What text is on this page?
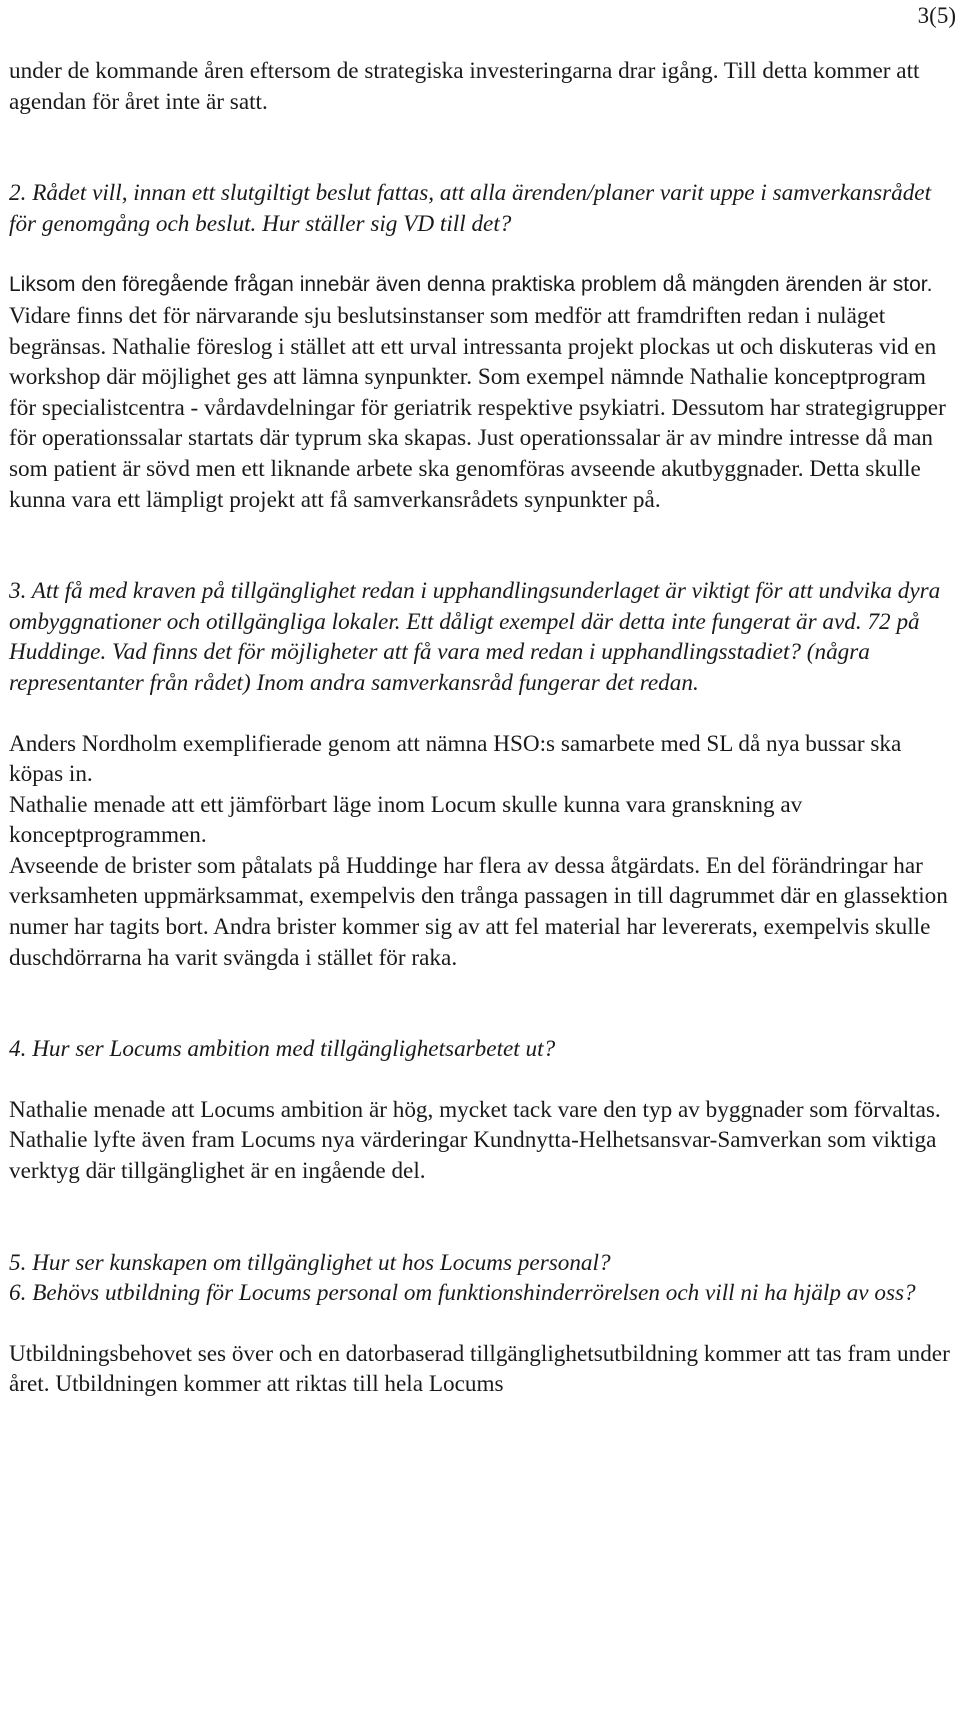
3(5)

under de kommande åren eftersom de strategiska investeringarna drar igång. Till detta kommer att agendan för året inte är satt.

2. Rådet vill, innan ett slutgiltigt beslut fattas, att alla ärenden/planer varit uppe i samverkansrådet för genomgång och beslut. Hur ställer sig VD till det?

Liksom den föregående frågan innebär även denna praktiska problem då mängden ärenden är stor. Vidare finns det för närvarande sju beslutsinstanser som medför att framdriften redan i nuläget begränsas. Nathalie föreslog i stället att ett urval intressanta projekt plockas ut och diskuteras vid en workshop där möjlighet ges att lämna synpunkter. Som exempel nämnde Nathalie konceptprogram för specialistcentra - vårdavdelningar för geriatrik respektive psykiatri. Dessutom har strategigrupper för operationssalar startats där typrum ska skapas. Just operationssalar är av mindre intresse då man som patient är sövd men ett liknande arbete ska genomföras avseende akutbyggnader. Detta skulle kunna vara ett lämpligt projekt att få samverkansrådets synpunkter på.

3. Att få med kraven på tillgänglighet redan i upphandlingsunderlaget är viktigt för att undvika dyra ombyggnationer och otillgängliga lokaler. Ett dåligt exempel där detta inte fungerat är avd. 72 på Huddinge. Vad finns det för möjligheter att få vara med redan i upphandlingsstadiet? (några representanter från rådet) Inom andra samverkansråd fungerar det redan.

Anders Nordholm exemplifierade genom att nämna HSO:s samarbete med SL då nya bussar ska köpas in.

Nathalie menade att ett jämförbart läge inom Locum skulle kunna vara granskning av konceptprogrammen.

Avseende de brister som påtalats på Huddinge har flera av dessa åtgärdats. En del förändringar har verksamheten uppmärksammat, exempelvis den trånga passagen in till dagrummet där en glassektion numer har tagits bort. Andra brister kommer sig av att fel material har levererats, exempelvis skulle duschdörrarna ha varit svängda i stället för raka.

4. Hur ser Locums ambition med tillgänglighetsarbetet ut?

Nathalie menade att Locums ambition är hög, mycket tack vare den typ av byggnader som förvaltas. Nathalie lyfte även fram Locums nya värderingar Kundnytta-Helhetsansvar-Samverkan som viktiga verktyg där tillgänglighet är en ingående del.

5. Hur ser kunskapen om tillgänglighet ut hos Locums personal?

6. Behövs utbildning för Locums personal om funktionshinderrörelsen och vill ni ha hjälp av oss?

Utbildningsbehovet ses över och en datorbaserad tillgänglighetsutbildning kommer att tas fram under året. Utbildningen kommer att riktas till hela Locums
